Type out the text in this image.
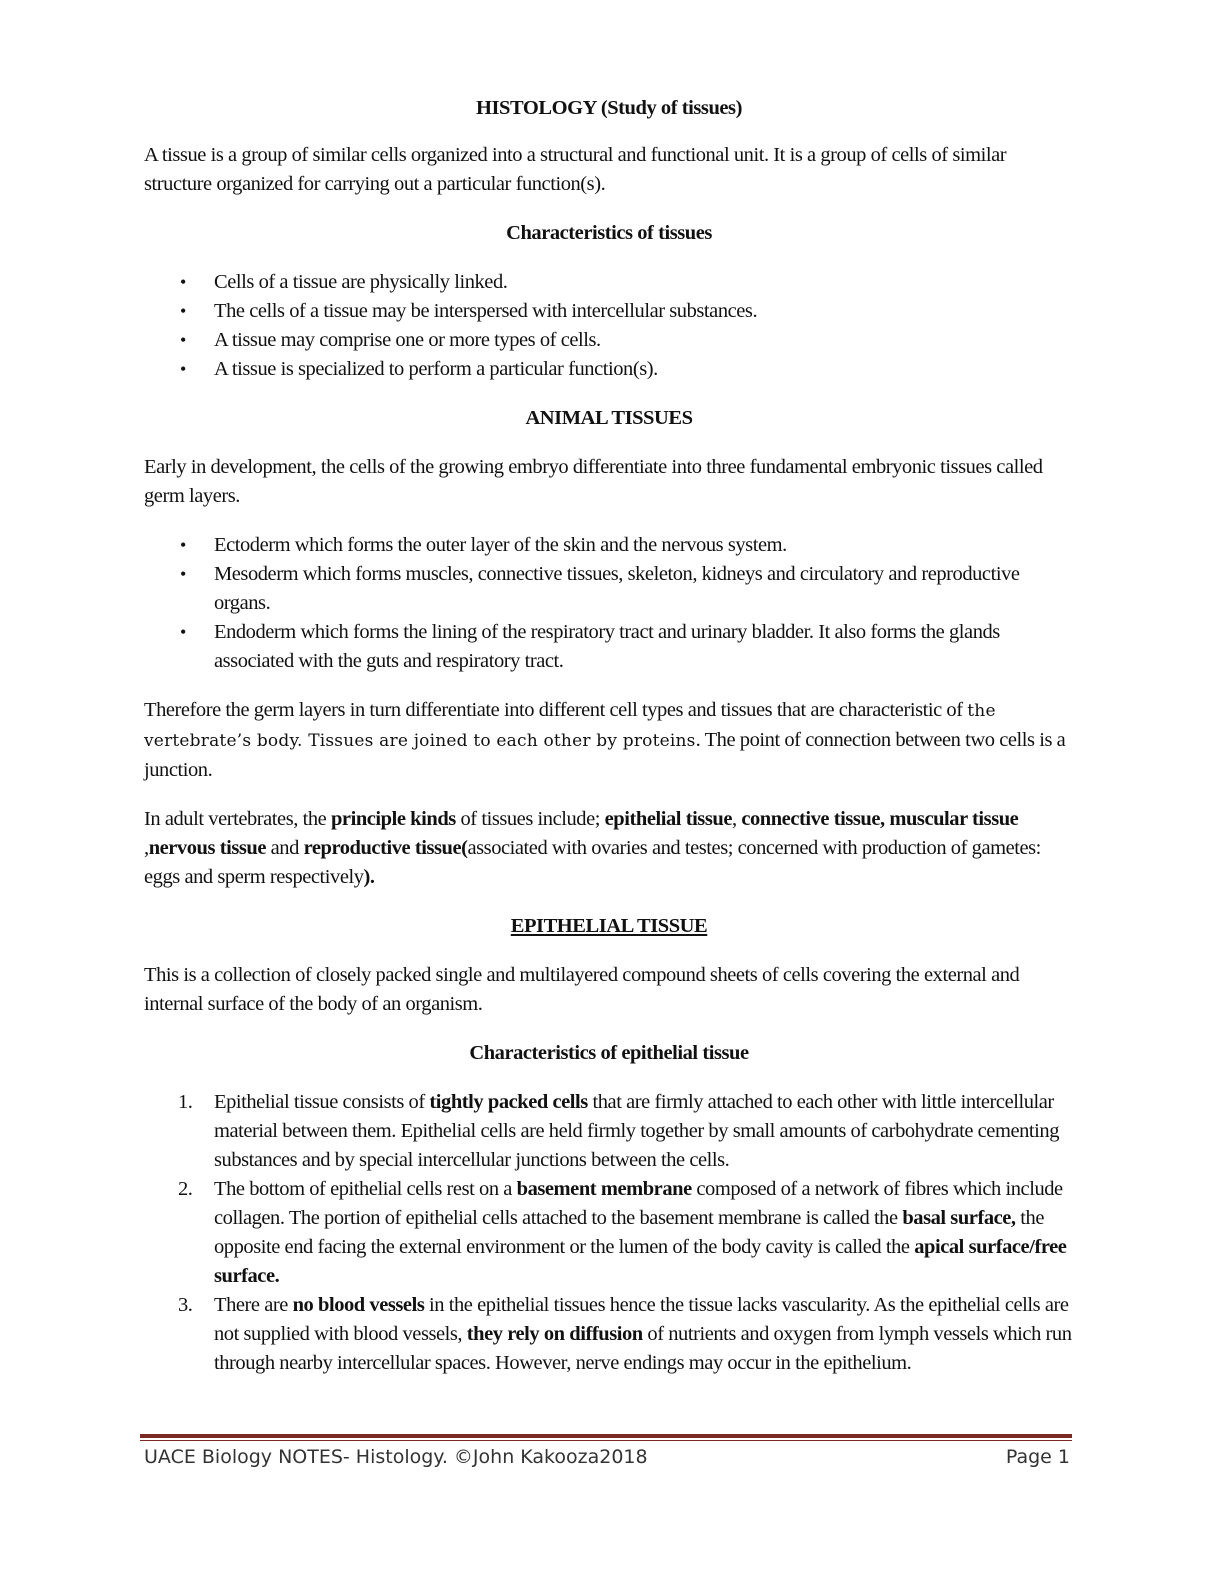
HISTOLOGY (Study of tissues)

A tissue is a group of similar cells organized into a structural and functional unit. It is a group of cells of similar structure organized for carrying out a particular function(s).

Characteristics of tissues

• Cells of a tissue are physically linked.
• The cells of a tissue may be interspersed with intercellular substances.
• A tissue may comprise one or more types of cells.
• A tissue is specialized to perform a particular function(s).

ANIMAL TISSUES

Early in development, the cells of the growing embryo differentiate into three fundamental embryonic tissues called germ layers.

• Ectoderm which forms the outer layer of the skin and the nervous system.
• Mesoderm which forms muscles, connective tissues, skeleton, kidneys and circulatory and reproductive organs.
• Endoderm which forms the lining of the respiratory tract and urinary bladder. It also forms the glands associated with the guts and respiratory tract.

Therefore the germ layers in turn differentiate into different cell types and tissues that are characteristic of the vertebrate’s body. Tissues are joined to each other by proteins. The point of connection between two cells is a junction.

In adult vertebrates, the principle kinds of tissues include; epithelial tissue, connective tissue, muscular tissue ,nervous tissue and reproductive tissue(associated with ovaries and testes; concerned with production of gametes: eggs and sperm respectively).

EPITHELIAL TISSUE

This is a collection of closely packed single and multilayered compound sheets of cells covering the external and internal surface of the body of an organism.

Characteristics of epithelial tissue

1. Epithelial tissue consists of tightly packed cells that are firmly attached to each other with little intercellular material between them. Epithelial cells are held firmly together by small amounts of carbohydrate cementing substances and by special intercellular junctions between the cells.
2. The bottom of epithelial cells rest on a basement membrane composed of a network of fibres which include collagen. The portion of epithelial cells attached to the basement membrane is called the basal surface, the opposite end facing the external environment or the lumen of the body cavity is called the apical surface/free surface.
3. There are no blood vessels in the epithelial tissues hence the tissue lacks vascularity. As the epithelial cells are not supplied with blood vessels, they rely on diffusion of nutrients and oxygen from lymph vessels which run through nearby intercellular spaces. However, nerve endings may occur in the epithelium.
UACE Biology NOTES- Histology. ©John Kakooza2018	Page 1
